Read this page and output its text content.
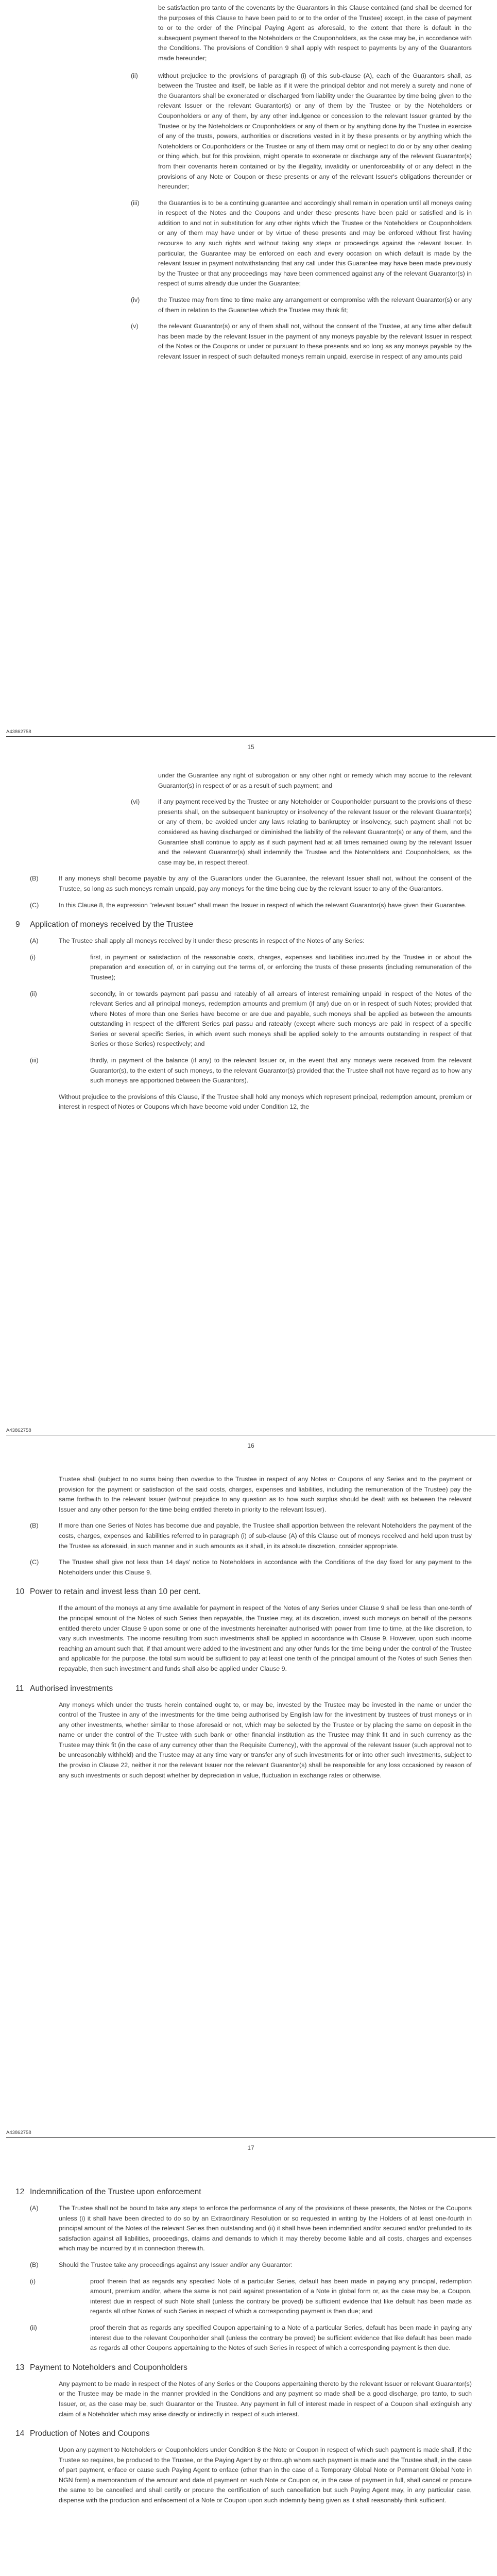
be satisfaction pro tanto of the covenants by the Guarantors in this Clause contained (and shall be deemed for the purposes of this Clause to have been paid to or to the order of the Trustee) except, in the case of payment to or to the order of the Principal Paying Agent as aforesaid, to the extent that there is default in the subsequent payment thereof to the Noteholders or the Couponholders, as the case may be, in accordance with the Conditions. The provisions of Condition 9 shall apply with respect to payments by any of the Guarantors made hereunder;

(ii)	without prejudice to the provisions of paragraph (i) of this sub-clause (A), each of the Guarantors shall, as between the Trustee and itself, be liable as if it were the principal debtor and not merely a surety and none of the Guarantors shall be exonerated or discharged from liability under the Guarantee by time being given to the relevant Issuer or the relevant Guarantor(s) or any of them by the Trustee or by the Noteholders or Couponholders or any of them, by any other indulgence or concession to the relevant Issuer granted by the Trustee or by the Noteholders or Couponholders or any of them or by anything done by the Trustee in exercise of any of the trusts, powers, authorities or discretions vested in it by these presents or by anything which the Noteholders or Couponholders or the Trustee or any of them may omit or neglect to do or by any other dealing or thing which, but for this provision, might operate to exonerate or discharge any of the relevant Guarantor(s) from their covenants herein contained or by the illegality, invalidity or unenforceability of or any defect in the provisions of any Note or Coupon or these presents or any of the relevant Issuer's obligations thereunder or hereunder;

(iii)	the Guaranties is to be a continuing guarantee and accordingly shall remain in operation until all moneys owing in respect of the Notes and the Coupons and under these presents have been paid or satisfied and is in addition to and not in substitution for any other rights which the Trustee or the Noteholders or Couponholders or any of them may have under or by virtue of these presents and may be enforced without first having recourse to any such rights and without taking any steps or proceedings against the relevant Issuer. In particular, the Guarantee may be enforced on each and every occasion on which default is made by the relevant Issuer in payment notwithstanding that any call under this Guarantee may have been made previously by the Trustee or that any proceedings may have been commenced against any of the relevant Guarantor(s) in respect of sums already due under the Guarantee;

(iv)	the Trustee may from time to time make any arrangement or compromise with the relevant Guarantor(s) or any of them in relation to the Guarantee which the Trustee may think fit;

(v)	the relevant Guarantor(s) or any of them shall not, without the consent of the Trustee, at any time after default has been made by the relevant Issuer in the payment of any moneys payable by the relevant Issuer in respect of the Notes or the Coupons or under or pursuant to these presents and so long as any moneys payable by the relevant Issuer in respect of such defaulted moneys remain unpaid, exercise in respect of any amounts paid

A43862758
15

under the Guarantee any right of subrogation or any other right or remedy which may accrue to the relevant Guarantor(s) in respect of or as a result of such payment; and

(vi)	if any payment received by the Trustee or any Noteholder or Couponholder pursuant to the provisions of these presents shall, on the subsequent bankruptcy or insolvency of the relevant Issuer or the relevant Guarantor(s) or any of them, be avoided under any laws relating to bankruptcy or insolvency, such payment shall not be considered as having discharged or diminished the liability of the relevant Guarantor(s) or any of them, and the Guarantee shall continue to apply as if such payment had at all times remained owing by the relevant Issuer and the relevant Guarantor(s) shall indemnify the Trustee and the Noteholders and Couponholders, as the case may be, in respect thereof.

(B)	If any moneys shall become payable by any of the Guarantors under the Guarantee, the relevant Issuer shall not, without the consent of the Trustee, so long as such moneys remain unpaid, pay any moneys for the time being due by the relevant Issuer to any of the Guarantors.

(C)	In this Clause 8, the expression "relevant Issuer" shall mean the Issuer in respect of which the relevant Guarantor(s) have given their Guarantee.

9 Application of moneys received by the Trustee
(A)	The Trustee shall apply all moneys received by it under these presents in respect of the Notes of any Series:

(i)	first, in payment or satisfaction of the reasonable costs, charges, expenses and liabilities incurred by the Trustee in or about the preparation and execution of, or in carrying out the terms of, or enforcing the trusts of these presents (including remuneration of the Trustee);

(ii)	secondly, in or towards payment pari passu and rateably of all arrears of interest remaining unpaid in respect of the Notes of the relevant Series and all principal moneys, redemption amounts and premium (if any) due on or in respect of such Notes; provided that where Notes of more than one Series have become or are due and payable, such moneys shall be applied as between the amounts outstanding in respect of the different Series pari passu and rateably (except where such moneys are paid in respect of a specific Series or several specific Series, in which event such moneys shall be applied solely to the amounts outstanding in respect of that Series or those Series) respectively; and

(iii)	thirdly, in payment of the balance (if any) to the relevant Issuer or, in the event that any moneys were received from the relevant Guarantor(s), to the extent of such moneys, to the relevant Guarantor(s) provided that the Trustee shall not have regard as to how any such moneys are apportioned between the Guarantors).

Without prejudice to the provisions of this Clause, if the Trustee shall hold any moneys which represent principal, redemption amount, premium or interest in respect of Notes or Coupons which have become void under Condition 12, the

A43862758
16

Trustee shall (subject to no sums being then overdue to the Trustee in respect of any Notes or Coupons of any Series and to the payment or provision for the payment or satisfaction of the said costs, charges, expenses and liabilities, including the remuneration of the Trustee) pay the same forthwith to the relevant Issuer (without prejudice to any question as to how such surplus should be dealt with as between the relevant Issuer and any other person for the time being entitled thereto in priority to the relevant Issuer).

(B)	If more than one Series of Notes has become due and payable, the Trustee shall apportion between the relevant Noteholders the payment of the costs, charges, expenses and liabilities referred to in paragraph (i) of sub-clause (A) of this Clause out of moneys received and held upon trust by the Trustee as aforesaid, in such manner and in such amounts as it shall, in its absolute discretion, consider appropriate.

(C)	The Trustee shall give not less than 14 days' notice to Noteholders in accordance with the Conditions of the day fixed for any payment to the Noteholders under this Clause 9.

10 Power to retain and invest less than 10 per cent.

If the amount of the moneys at any time available for payment in respect of the Notes of any Series under Clause 9 shall be less than one-tenth of the principal amount of the Notes of such Series then repayable, the Trustee may, at its discretion, invest such moneys on behalf of the persons entitled thereto under Clause 9 upon some or one of the investments hereinafter authorised with power from time to time, at the like discretion, to vary such investments. The income resulting from such investments shall be applied in accordance with Clause 9. However, upon such income reaching an amount such that, if that amount were added to the investment and any other funds for the time being under the control of the Trustee and applicable for the purpose, the total sum would be sufficient to pay at least one tenth of the principal amount of the Notes of such Series then repayable, then such investment and funds shall also be applied under Clause 9.

11 Authorised investments

Any moneys which under the trusts herein contained ought to, or may be, invested by the Trustee may be invested in the name or under the control of the Trustee in any of the investments for the time being authorised by English law for the investment by trustees of trust moneys or in any other investments, whether similar to those aforesaid or not, which may be selected by the Trustee or by placing the same on deposit in the name or under the control of the Trustee with such bank or other financial institution as the Trustee may think fit and in such currency as the Trustee may think fit (in the case of any currency other than the Requisite Currency), with the approval of the relevant Issuer (such approval not to be unreasonably withheld) and the Trustee may at any time vary or transfer any of such investments for or into other such investments, subject to the proviso in Clause 22, neither it nor the relevant Issuer nor the relevant Guarantor(s) shall be responsible for any loss occasioned by reason of any such investments or such deposit whether by depreciation in value, fluctuation in exchange rates or otherwise.

A43862758
17
12 Indemnification of the Trustee upon enforcement
(A)	The Trustee shall not be bound to take any steps to enforce the performance of any of the provisions of these presents, the Notes or the Coupons unless (i) it shall have been directed to do so by an Extraordinary Resolution or so requested in writing by the Holders of at least one-fourth in principal amount of the Notes of the relevant Series then outstanding and (ii) it shall have been indemnified and/or secured and/or prefunded to its satisfaction against all liabilities, proceedings, claims and demands to which it may thereby become liable and all costs, charges and expenses which may be incurred by it in connection therewith.

(B)	Should the Trustee take any proceedings against any Issuer and/or any Guarantor:

(i)	proof therein that as regards any specified Note of a particular Series, default has been made in paying any principal, redemption amount, premium and/or, where the same is not paid against presentation of a Note in global form or, as the case may be, a Coupon, interest due in respect of such Note shall (unless the contrary be proved) be sufficient evidence that like default has been made as regards all other Notes of such Series in respect of which a corresponding payment is then due; and

(ii)	proof therein that as regards any specified Coupon appertaining to a Note of a particular Series, default has been made in paying any interest due to the relevant Couponholder shall (unless the contrary be proved) be sufficient evidence that like default has been made as regards all other Coupons appertaining to the Notes of such Series in respect of which a corresponding payment is then due.

13 Payment to Noteholders and Couponholders

Any payment to be made in respect of the Notes of any Series or the Coupons appertaining thereto by the relevant Issuer or relevant Guarantor(s) or the Trustee may be made in the manner provided in the Conditions and any payment so made shall be a good discharge, pro tanto, to such Issuer, or, as the case may be, such Guarantor or the Trustee. Any payment in full of interest made in respect of a Coupon shall extinguish any claim of a Noteholder which may arise directly or indirectly in respect of such interest.

14 Production of Notes and Coupons

Upon any payment to Noteholders or Couponholders under Condition 8 the Note or Coupon in respect of which such payment is made shall, if the Trustee so requires, be produced to the Trustee, or the Paying Agent by or through whom such payment is made and the Trustee shall, in the case of part payment, enface or cause such Paying Agent to enface (other than in the case of a Temporary Global Note or Permanent Global Note in NGN form) a memorandum of the amount and date of payment on such Note or Coupon or, in the case of payment in full, shall cancel or procure the same to be cancelled and shall certify or procure the certification of such cancellation but such Paying Agent may, in any particular case, dispense with the production and enfacement of a Note or Coupon upon such indemnity being given as it shall reasonably think sufficient.
